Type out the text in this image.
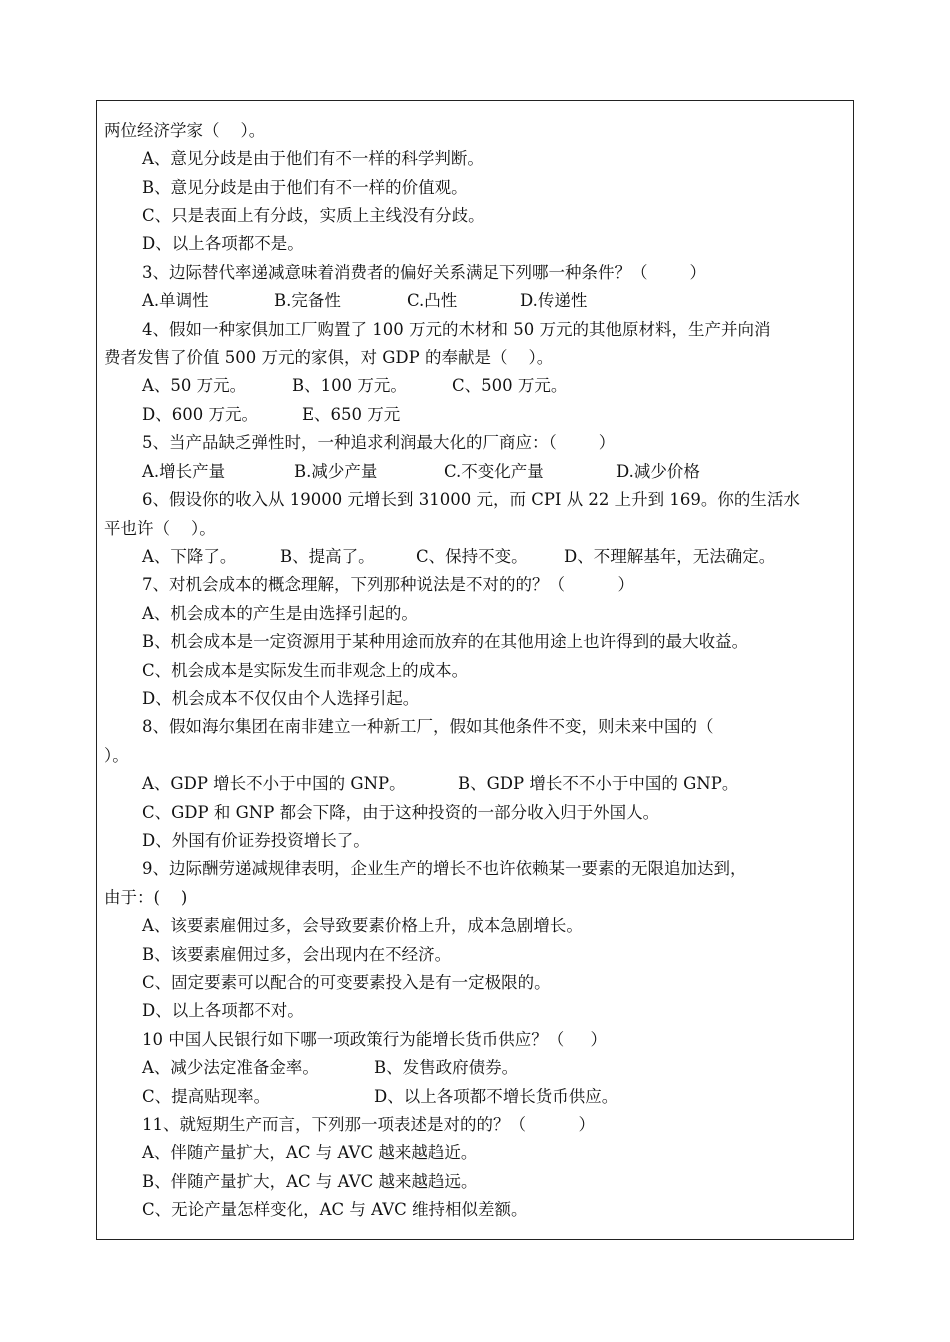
两位经济学家（    ）。
A、意见分歧是由于他们有不一样的科学判断。
B、意见分歧是由于他们有不一样的价值观。
C、只是表面上有分歧，实质上主线没有分歧。
D、以上各项都不是。
3、边际替代率递减意味着消费者的偏好关系满足下列哪一种条件？（        ）

A.单调性

	B.完备性

	C.凸性

	D.传递性

4、假如一种家俱加工厂购置了 100 万元的木材和 50 万元的其他原材料，生产并向消
费者发售了价值 500 万元的家俱，对 GDP 的奉献是（    ）。

A、50 万元。

	B、100 万元。

	C、500 万元。

D、600 万元。

	E、650 万元

5、当产品缺乏弹性时，一种追求利润最大化的厂商应：（        ）

A.增长产量

	B.减少产量

	C.不变化产量

	D.减少价格

6、假设你的收入从 19000 元增长到 31000 元，而 CPI 从 22 上升到 169。你的生活水
平也许（    ）。

A、下降了。

	B、提高了。

	C、保持不变。

D、不理解基年，无法确定。

7、对机会成本的概念理解，下列那种说法是不对的的？（          ）
A、机会成本的产生是由选择引起的。
B、机会成本是一定资源用于某种用途而放弃的在其他用途上也许得到的最大收益。
C、机会成本是实际发生而非观念上的成本。
D、机会成本不仅仅由个人选择引起。
8、假如海尔集团在南非建立一种新工厂，假如其他条件不变，则未来中国的（
）。

A、GDP 增长不小于中国的 GNP。

	B、GDP 增长不不小于中国的 GNP。

C、GDP 和 GNP 都会下降，由于这种投资的一部分收入归于外国人。
D、外国有价证券投资增长了。
9、边际酬劳递减规律表明，企业生产的增长不也许依赖某一要素的无限追加达到，
由于：(    )
A、该要素雇佣过多，会导致要素价格上升，成本急剧增长。
B、该要素雇佣过多，会出现内在不经济。
C、固定要素可以配合的可变要素投入是有一定极限的。
D、以上各项都不对。
10 中国人民银行如下哪一项政策行为能增长货币供应？（     ）

A、减少法定准备金率。

	B、发售政府债券。

C、提高贴现率。

	D、以上各项都不增长货币供应。

11、就短期生产而言，下列那一项表述是对的的？（          ）
A、伴随产量扩大，AC 与 AVC 越来越趋近。
B、伴随产量扩大，AC 与 AVC 越来越趋远。
C、无论产量怎样变化，AC 与 AVC 维持相似差额。
